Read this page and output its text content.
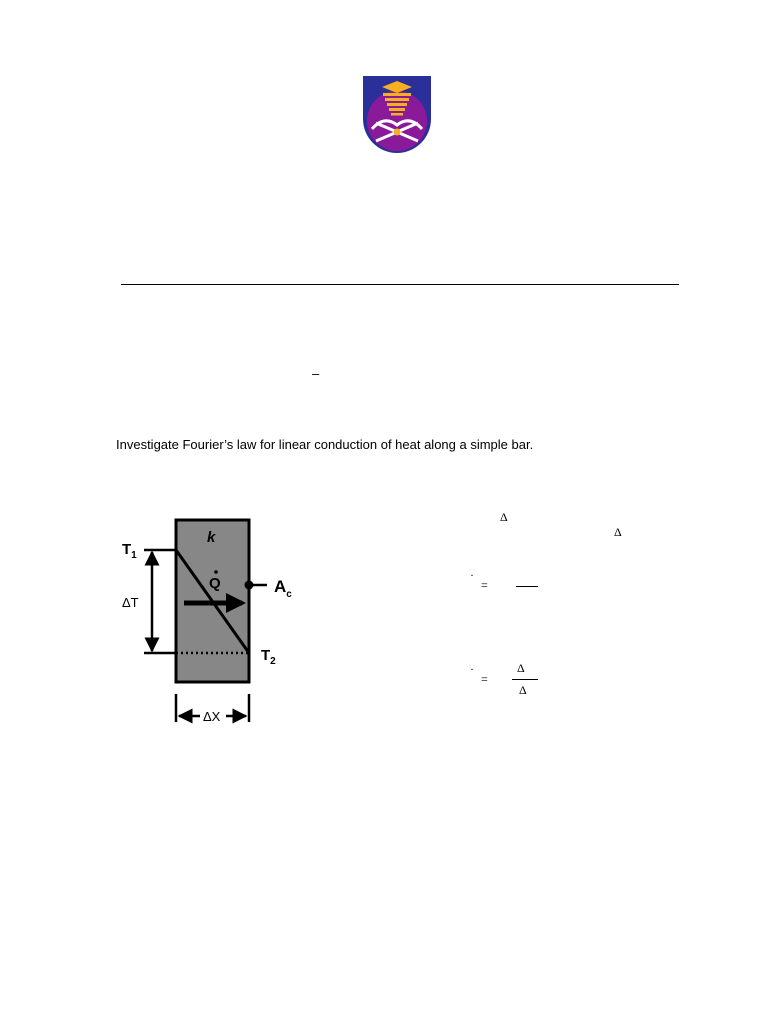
–
Investigate Fourier’s law for linear conduction of heat along a simple bar.
$T_1$
$T_2$
k
Q	$A_c$
ΔT
ΔX
Δ
Δ
·
=
·
=
Δ
Δ
